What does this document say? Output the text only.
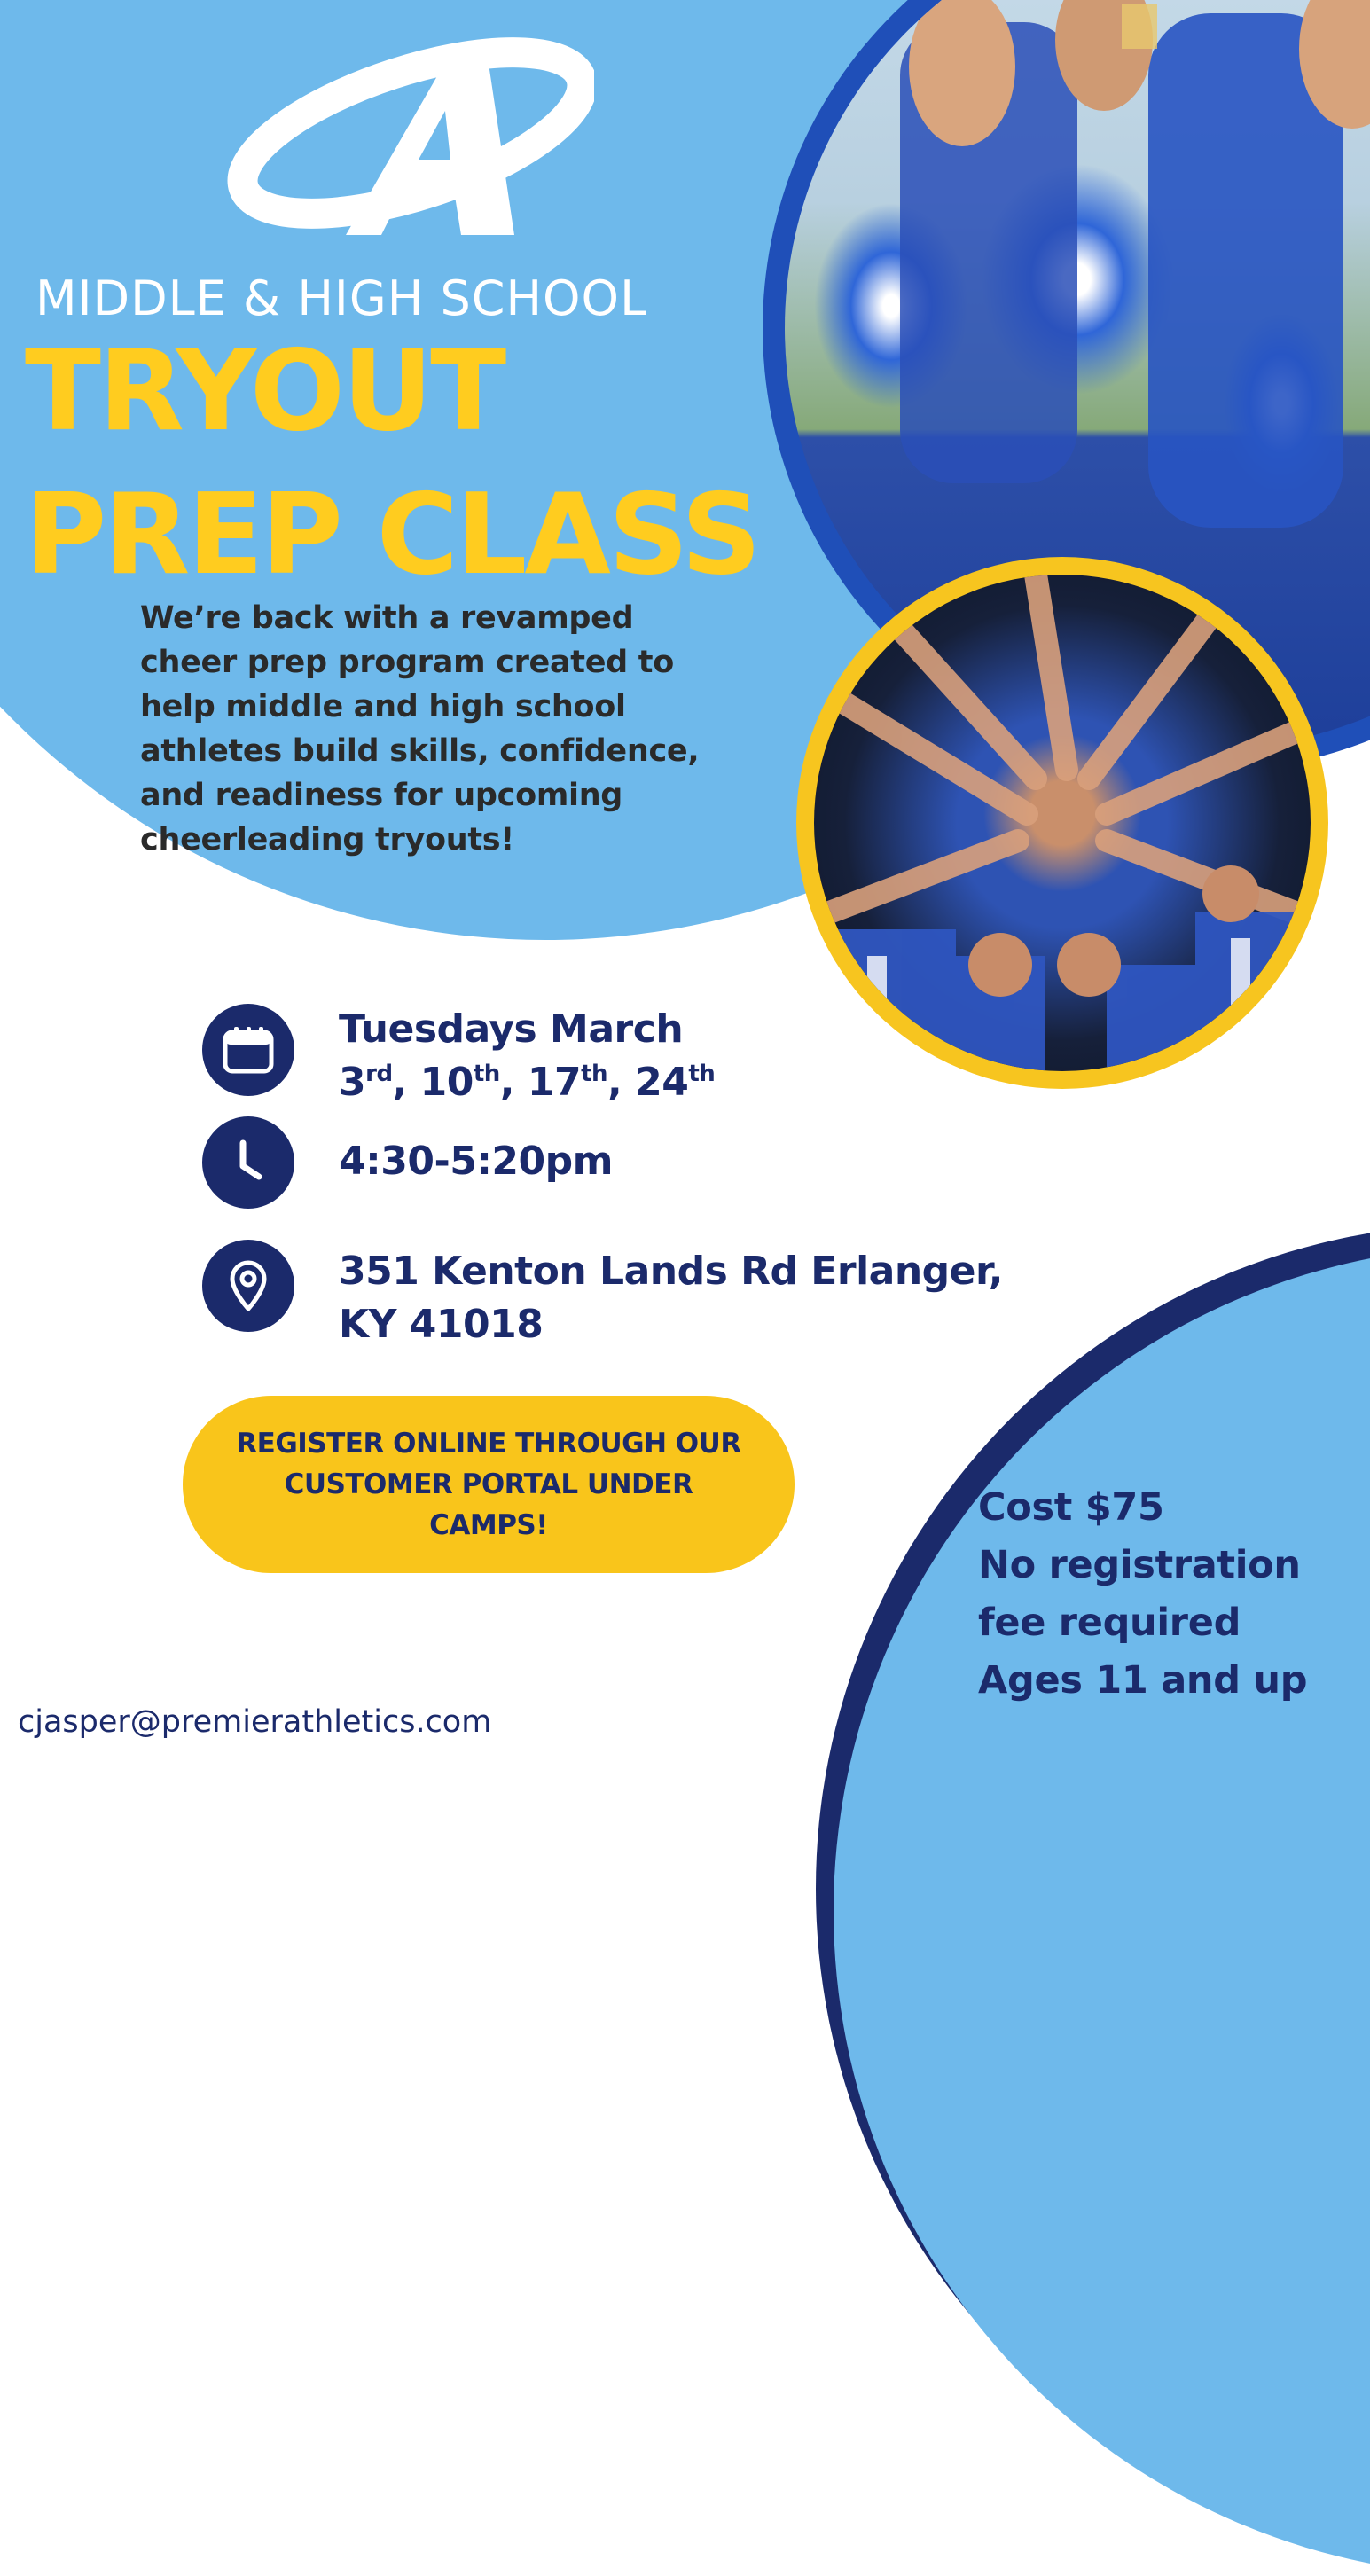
MIDDLE & HIGH SCHOOL
TRYOUT
PREP CLASS
We’re back with a revamped
cheer prep program created to
help middle and high school
athletes build skills, confidence,
and readiness for upcoming
cheerleading tryouts!
Tuesdays March
3rd, 10th, 17th, 24th
4:30-5:20pm
351 Kenton Lands Rd Erlanger,
KY 41018
REGISTER ONLINE THROUGH OUR
CUSTOMER PORTAL UNDER
CAMPS!	Cost $75
No registration
fee required
Ages 11 and up
cjasper@premierathletics.com
